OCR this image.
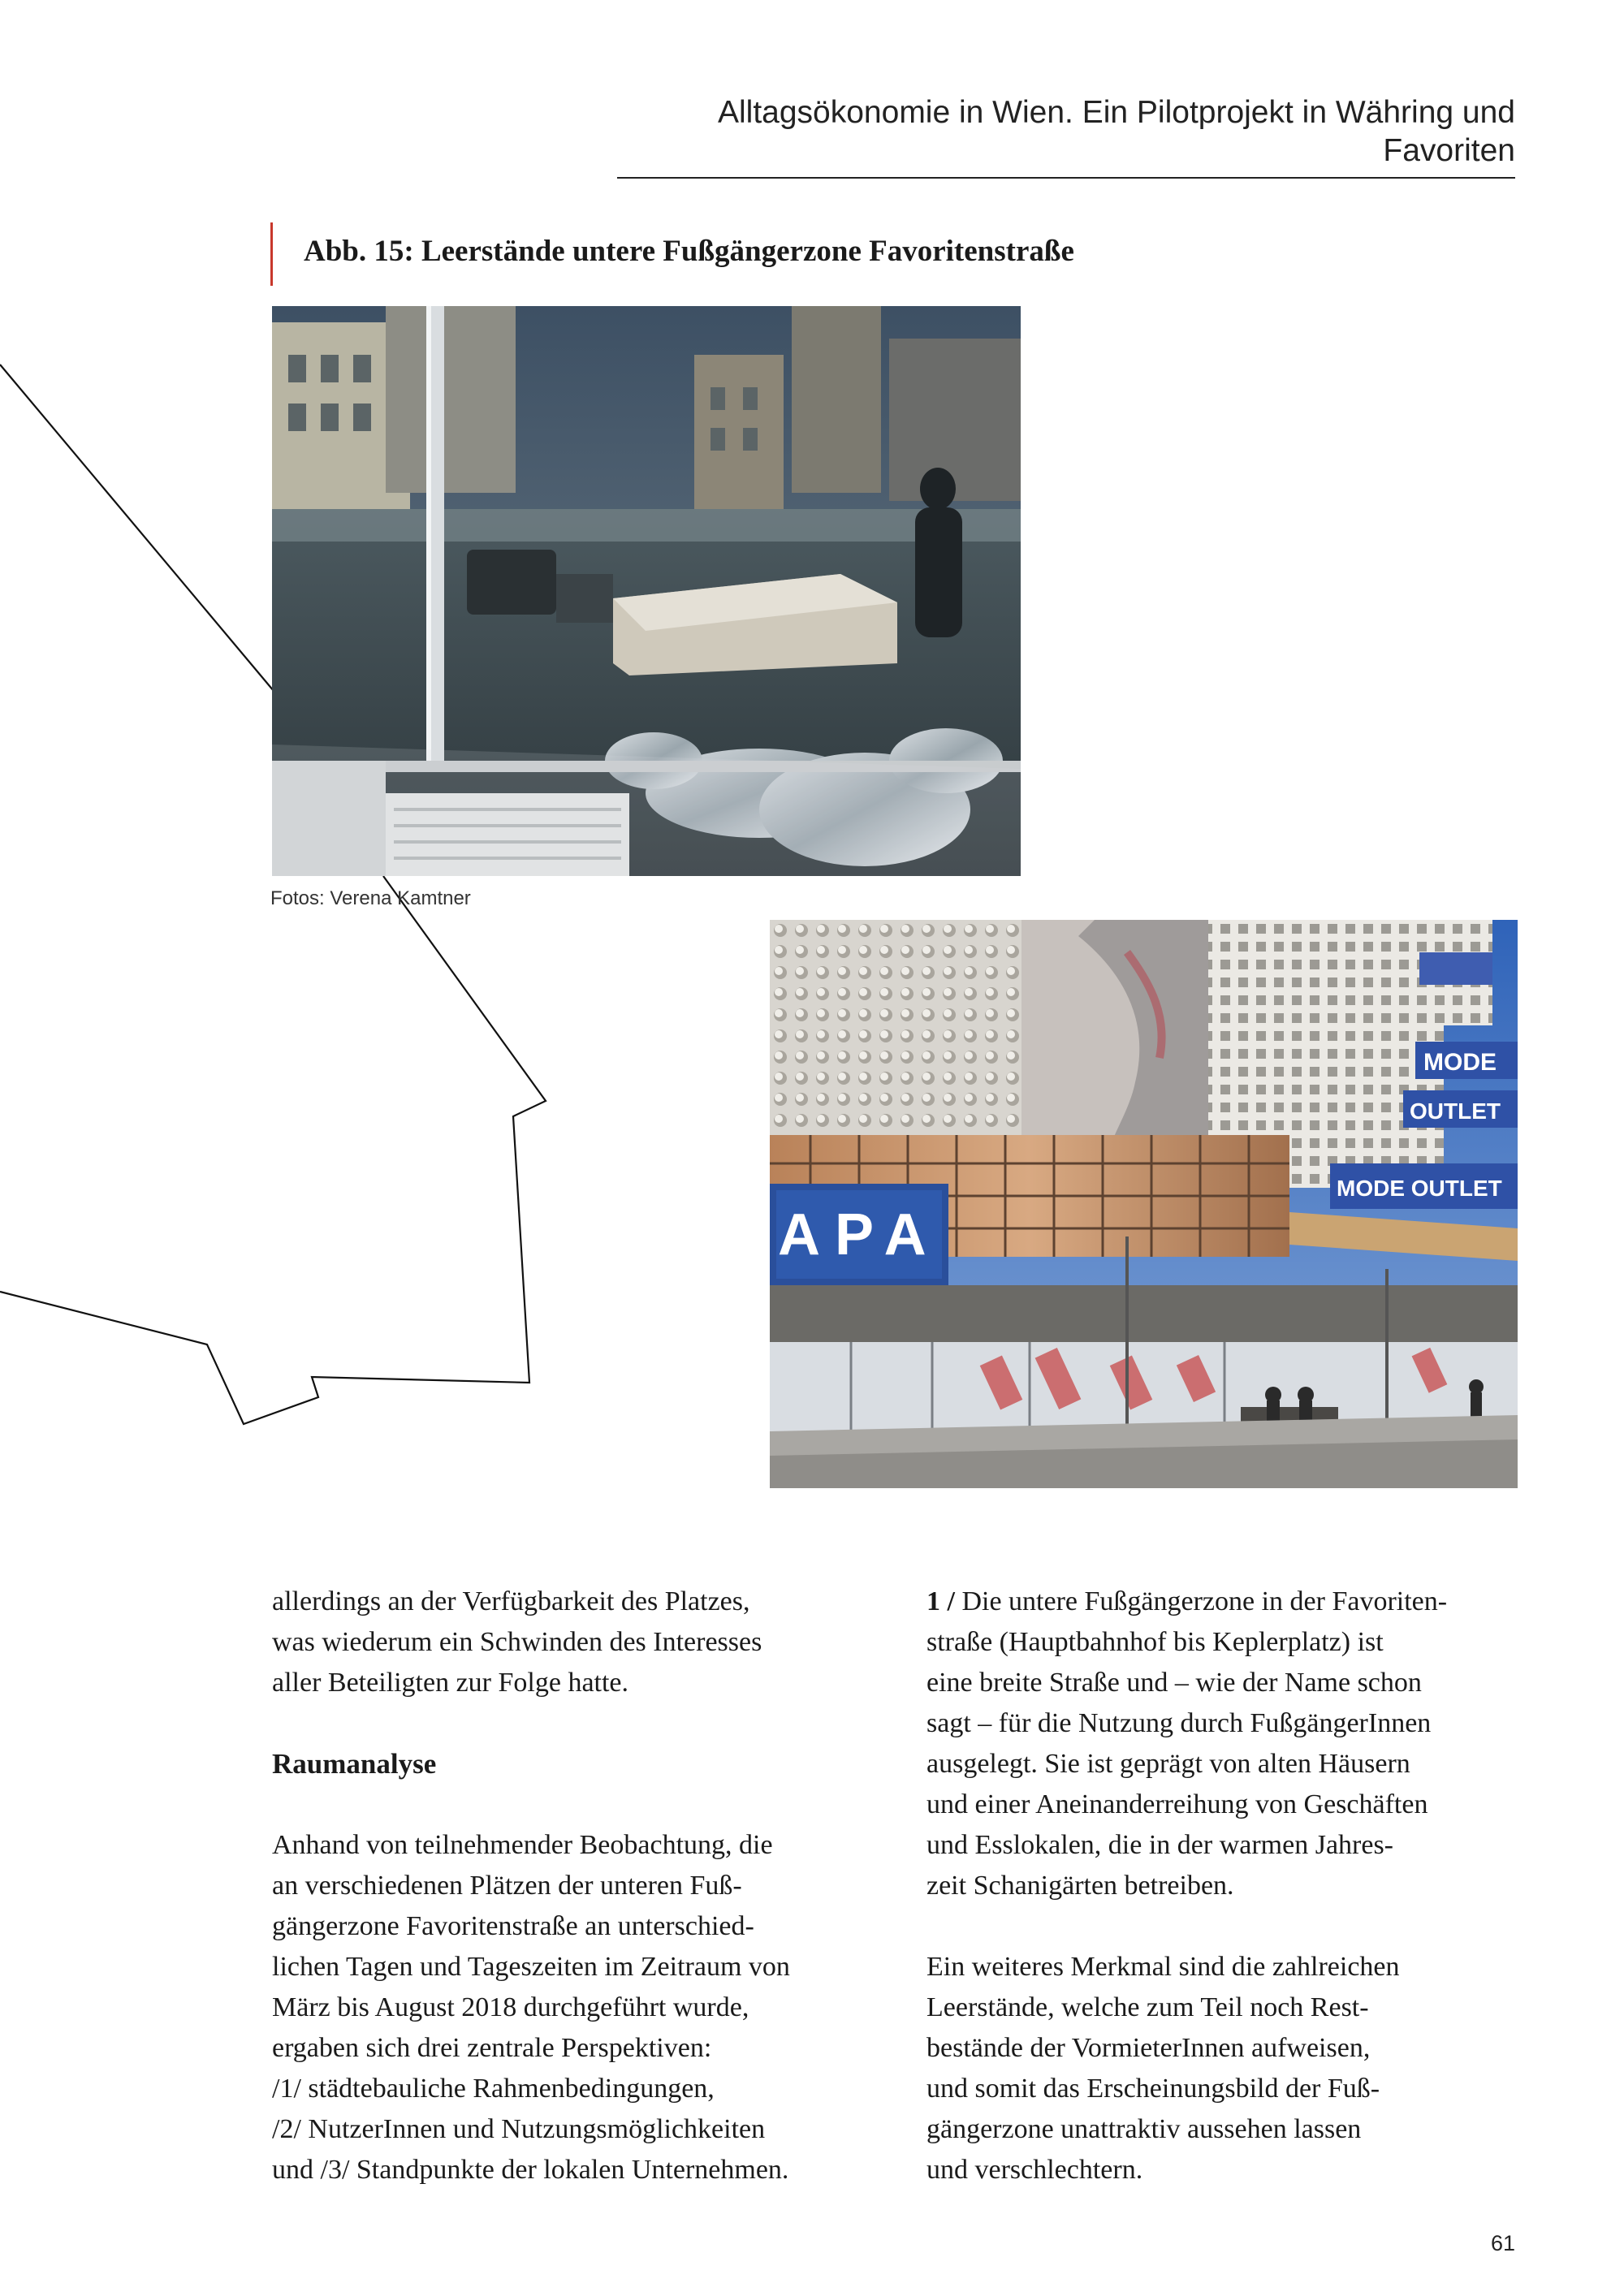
Alltagsökonomie in Wien. Ein Pilotprojekt in Währing und Favoriten
Abb. 15: Leerstände untere Fußgängerzone Favoritenstraße
Fotos: Verena Kamtner
MODE
OUTLET
MODE OUTLET
APA

allerdings an der Verfügbarkeit des Platzes,
was wiederum ein Schwinden des Interesses
aller Beteiligten zur Folge hatte.

Raumanalyse

Anhand von teilnehmender Beobachtung, die
an verschiedenen Plätzen der unteren Fuß-
gängerzone Favoritenstraße an unterschied-
lichen Tagen und Tageszeiten im Zeitraum von
März bis August 2018 durchgeführt wurde,
ergaben sich drei zentrale Perspektiven:
/1/ städtebauliche Rahmenbedingungen,
/2/ NutzerInnen und Nutzungsmöglichkeiten
und /3/ Standpunkte der lokalen Unternehmen.

1 / Die untere Fußgängerzone in der Favoriten-
straße (Hauptbahnhof bis Keplerplatz) ist
eine breite Straße und – wie der Name schon
sagt – für die Nutzung durch FußgängerInnen
ausgelegt. Sie ist geprägt von alten Häusern
und einer Aneinanderreihung von Geschäften
und Esslokalen, die in der warmen Jahres-
zeit Schanigärten betreiben.

Ein weiteres Merkmal sind die zahlreichen
Leerstände, welche zum Teil noch Rest-
bestände der VormieterInnen aufweisen,
und somit das Erscheinungsbild der Fuß-
gängerzone unattraktiv aussehen lassen
und verschlechtern.

61
